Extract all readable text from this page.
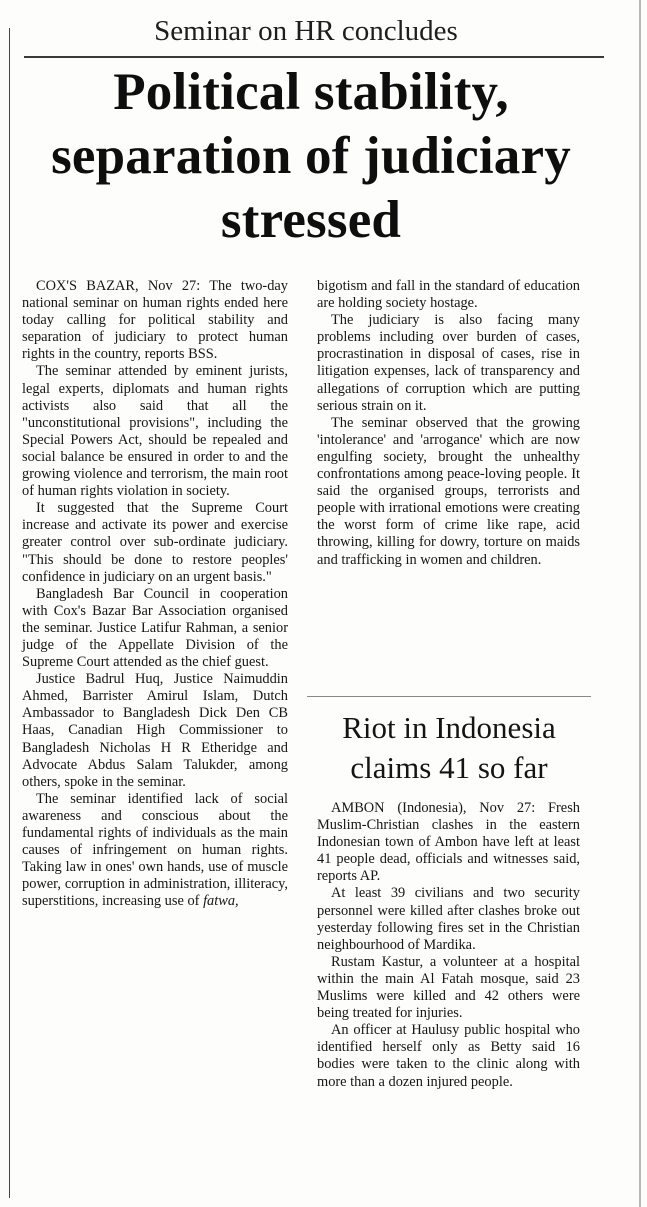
Seminar on HR concludes
Political stability, separation of judiciary stressed

COX'S BAZAR, Nov 27: The two-day national seminar on human rights ended here today calling for political stability and separation of judiciary to protect human rights in the country, reports BSS.

The seminar attended by eminent jurists, legal experts, diplomats and human rights activists also said that all the "unconstitutional provisions", including the Special Powers Act, should be repealed and social balance be ensured in order to and the growing violence and terrorism, the main root of human rights violation in society.

It suggested that the Supreme Court increase and activate its power and exercise greater control over sub-ordinate judiciary. "This should be done to restore peoples' confidence in judiciary on an urgent basis."

Bangladesh Bar Council in cooperation with Cox's Bazar Bar Association organised the seminar. Justice Latifur Rahman, a senior judge of the Appellate Division of the Supreme Court attended as the chief guest.

Justice Badrul Huq, Justice Naimuddin Ahmed, Barrister Amirul Islam, Dutch Ambassador to Bangladesh Dick Den CB Haas, Canadian High Commissioner to Bangladesh Nicholas H R Etheridge and Advocate Abdus Salam Talukder, among others, spoke in the seminar.

The seminar identified lack of social awareness and conscious about the fundamental rights of individuals as the main causes of infringement on human rights. Taking law in ones' own hands, use of muscle power, corruption in administration, illiteracy, superstitions, increasing use of fatwa,

bigotism and fall in the standard of education are holding society hostage.

The judiciary is also facing many problems including over burden of cases, procrastination in disposal of cases, rise in litigation expenses, lack of transparency and allegations of corruption which are putting serious strain on it.

The seminar observed that the growing 'intolerance' and 'arrogance' which are now engulfing society, brought the unhealthy confrontations among peace-loving people. It said the organised groups, terrorists and people with irrational emotions were creating the worst form of crime like rape, acid throwing, killing for dowry, torture on maids and trafficking in women and children.

Riot in Indonesia claims 41 so far

AMBON (Indonesia), Nov 27: Fresh Muslim-Christian clashes in the eastern Indonesian town of Ambon have left at least 41 people dead, officials and witnesses said, reports AP.

At least 39 civilians and two security personnel were killed after clashes broke out yesterday following fires set in the Christian neighbourhood of Mardika.

Rustam Kastur, a volunteer at a hospital within the main Al Fatah mosque, said 23 Muslims were killed and 42 others were being treated for injuries.

An officer at Haulusy public hospital who identified herself only as Betty said 16 bodies were taken to the clinic along with more than a dozen injured people.
